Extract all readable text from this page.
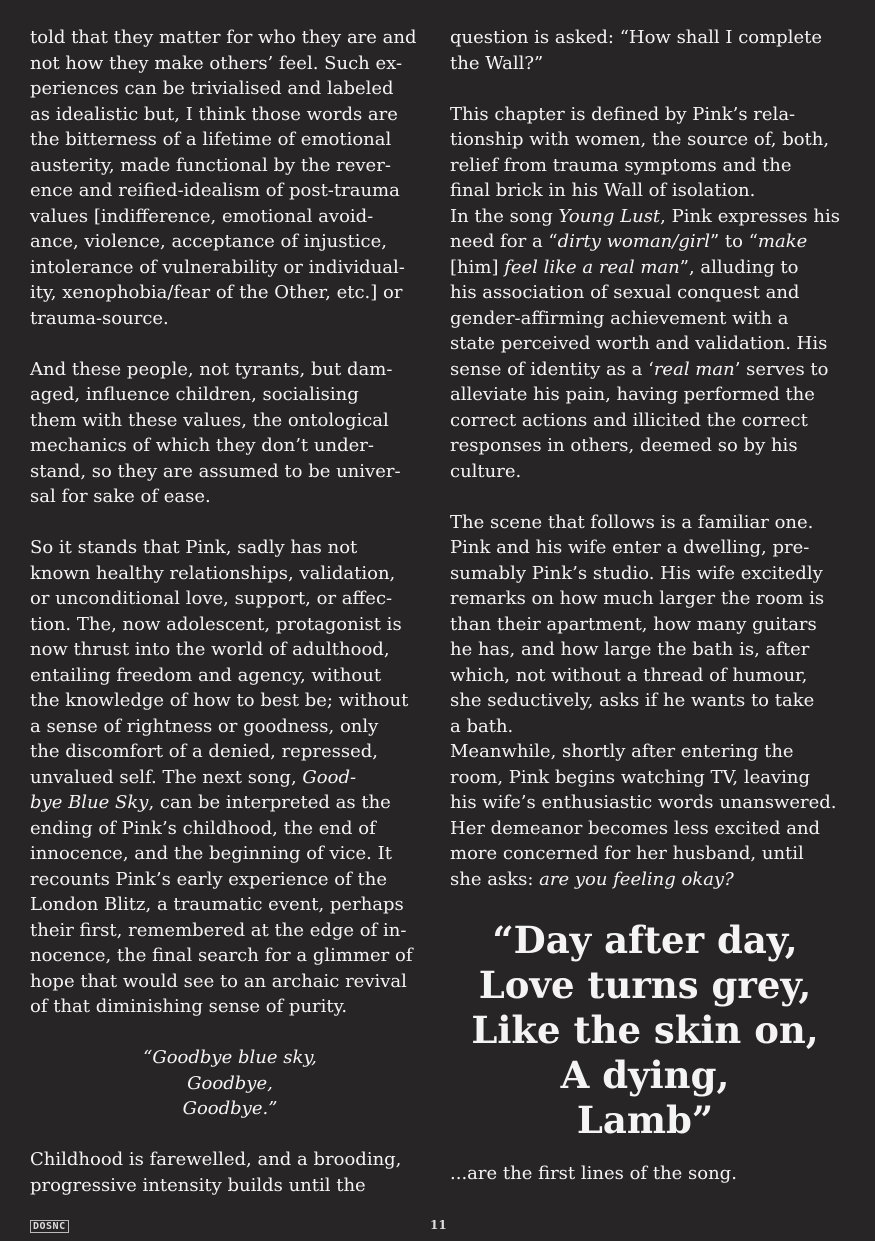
told that they matter for who they are and
not how they make others’ feel. Such ex-
periences can be trivialised and labeled
as idealistic but, I think those words are
the bitterness of a lifetime of emotional
austerity, made functional by the rever-
ence and reified-idealism of post-trauma
values [indifference, emotional avoid-
ance, violence, acceptance of injustice,
intolerance of vulnerability or individual-
ity, xenophobia/fear of the Other, etc.] or
trauma-source.
And these people, not tyrants, but dam-
aged, influence children, socialising
them with these values, the ontological
mechanics of which they don’t under-
stand, so they are assumed to be univer-
sal for sake of ease.
So it stands that Pink, sadly has not
known healthy relationships, validation,
or unconditional love, support, or affec-
tion. The, now adolescent, protagonist is
now thrust into the world of adulthood,
entailing freedom and agency, without
the knowledge of how to best be; without
a sense of rightness or goodness, only
the discomfort of a denied, repressed,
unvalued self. The next song, Good-
bye Blue Sky, can be interpreted as the
ending of Pink’s childhood, the end of
innocence, and the beginning of vice. It
recounts Pink’s early experience of the
London Blitz, a traumatic event, perhaps
their first, remembered at the edge of in-
nocence, the final search for a glimmer of
hope that would see to an archaic revival
of that diminishing sense of purity.
“Goodbye blue sky,
Goodbye,
Goodbye.”
Childhood is farewelled, and a brooding,
progressive intensity builds until the
question is asked: “How shall I complete
the Wall?”
This chapter is defined by Pink’s rela-
tionship with women, the source of, both,
relief from trauma symptoms and the
final brick in his Wall of isolation.
In the song Young Lust, Pink expresses his
need for a “dirty woman/girl” to “make
[him] feel like a real man”, alluding to
his association of sexual conquest and
gender-affirming achievement with a
state perceived worth and validation. His
sense of identity as a ‘real man’ serves to
alleviate his pain, having performed the
correct actions and illicited the correct
responses in others, deemed so by his
culture.
The scene that follows is a familiar one.
Pink and his wife enter a dwelling, pre-
sumably Pink’s studio. His wife excitedly
remarks on how much larger the room is
than their apartment, how many guitars
he has, and how large the bath is, after
which, not without a thread of humour,
she seductively, asks if he wants to take
a bath.
Meanwhile, shortly after entering the
room, Pink begins watching TV, leaving
his wife’s enthusiastic words unanswered.
Her demeanor becomes less excited and
more concerned for her husband, until
she asks: are you feeling okay?
“Day after day,
Love turns grey,
Like the skin on,
A dying,
Lamb”
...are the first lines of the song.
DOSNC	11
